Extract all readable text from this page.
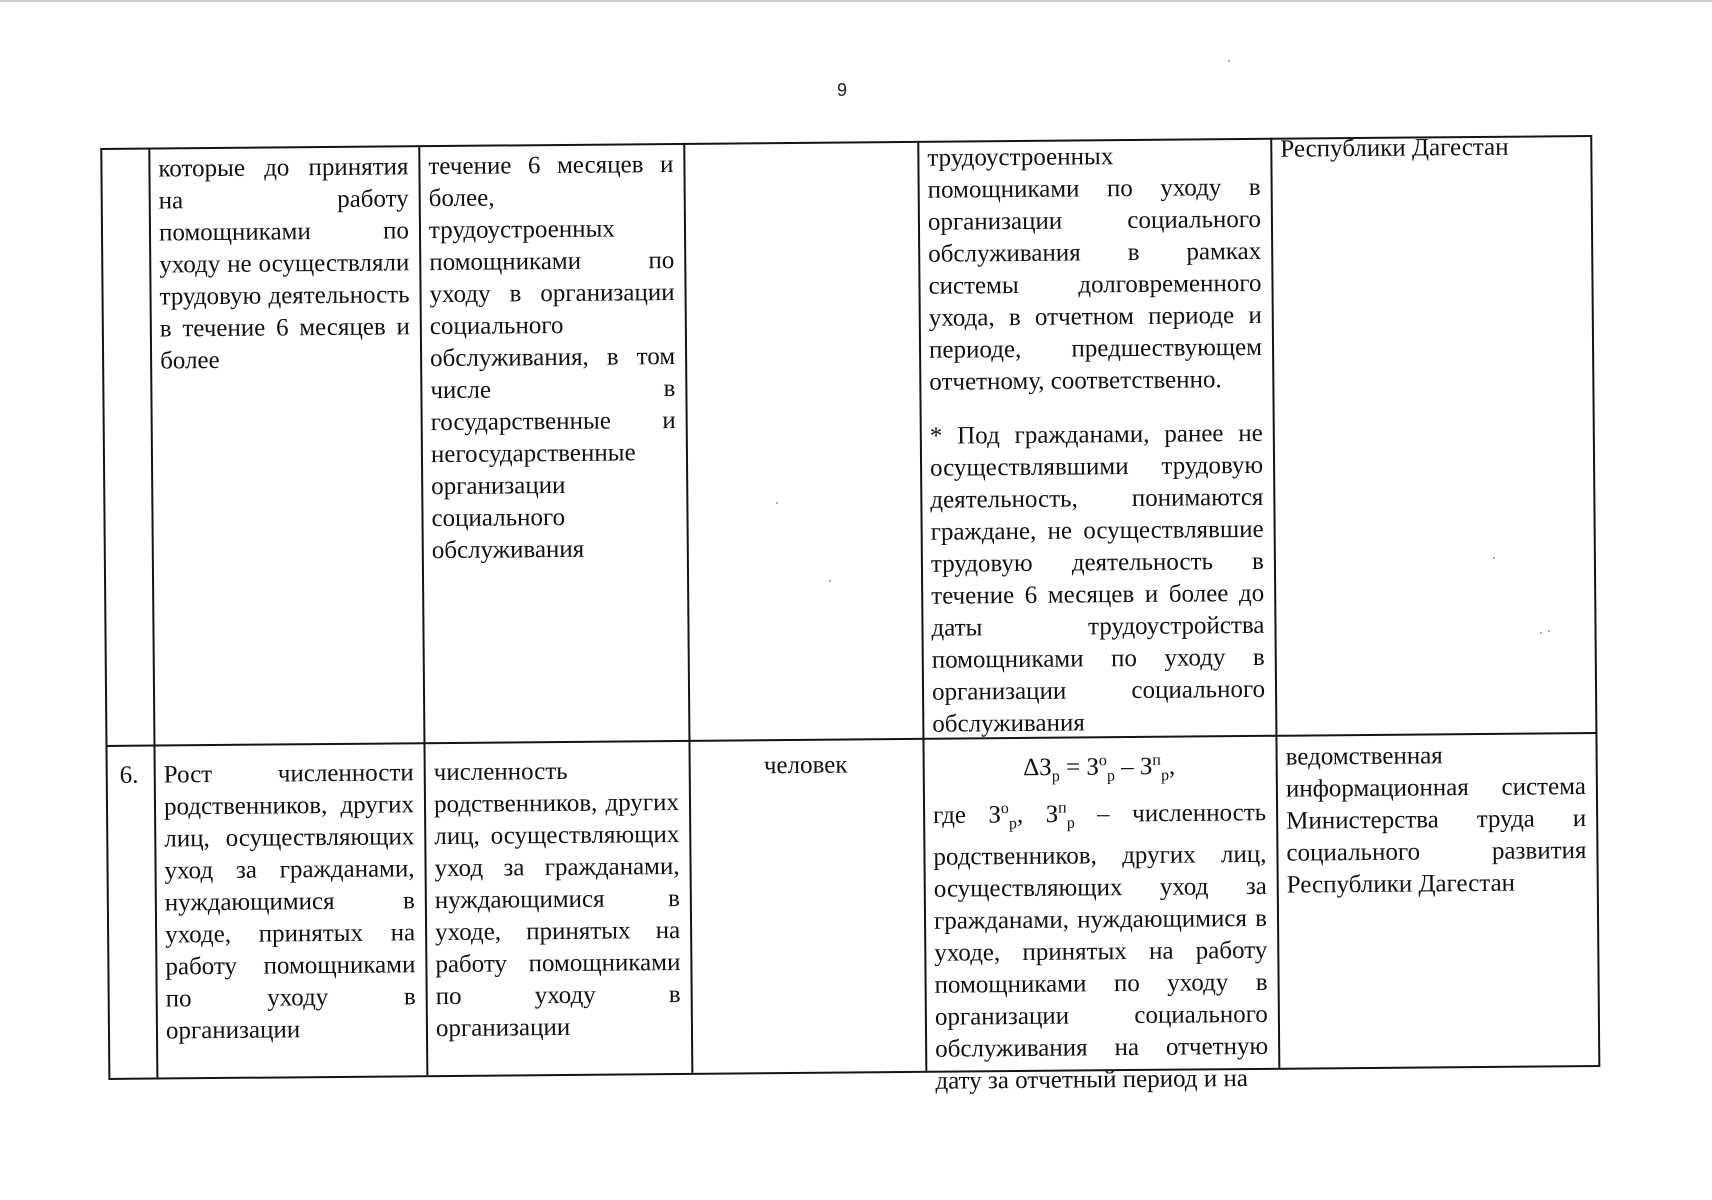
9

которые до принятия на работу помощниками по уходу не осуществляли трудовую деятельность в течение 6 месяцев и более

течение 6 месяцев и более, трудоустроенных помощниками по уходу в организации социального обслуживания, в том числе в государственные и негосударственные организации социального обслуживания

трудоустроенных помощниками по уходу в организации социального обслуживания в рамках системы долговременного ухода, в отчетном периоде и периоде, предшествующем отчетному, соответственно.

* Под гражданами, ранее не осуществлявшими трудовую деятельность, понимаются граждане, не осуществлявшие трудовую деятельность в течение 6 месяцев и более до даты трудоустройства помощниками по уходу в организации социального обслуживания

Республики Дагестан

6.	Рост численности родственников, других лиц, осуществляющих уход за гражданами, нуждающимися в уходе, принятых на работу помощниками по уходу в организации

численность родственников, других лиц, осуществляющих уход за гражданами, нуждающимися в уходе, принятых на работу помощниками по уходу в организации

человек	$\Delta З_р = З^о_р - З^п_р$,

где $З^о_р$, $З^п_р$ – численность родственников, других лиц, осуществляющих уход за гражданами, нуждающимися в уходе, принятых на работу помощниками по уходу в организации социального обслуживания на отчетную дату за отчетный период и на

ведомственная информационная система Министерства труда и социального развития Республики Дагестан
